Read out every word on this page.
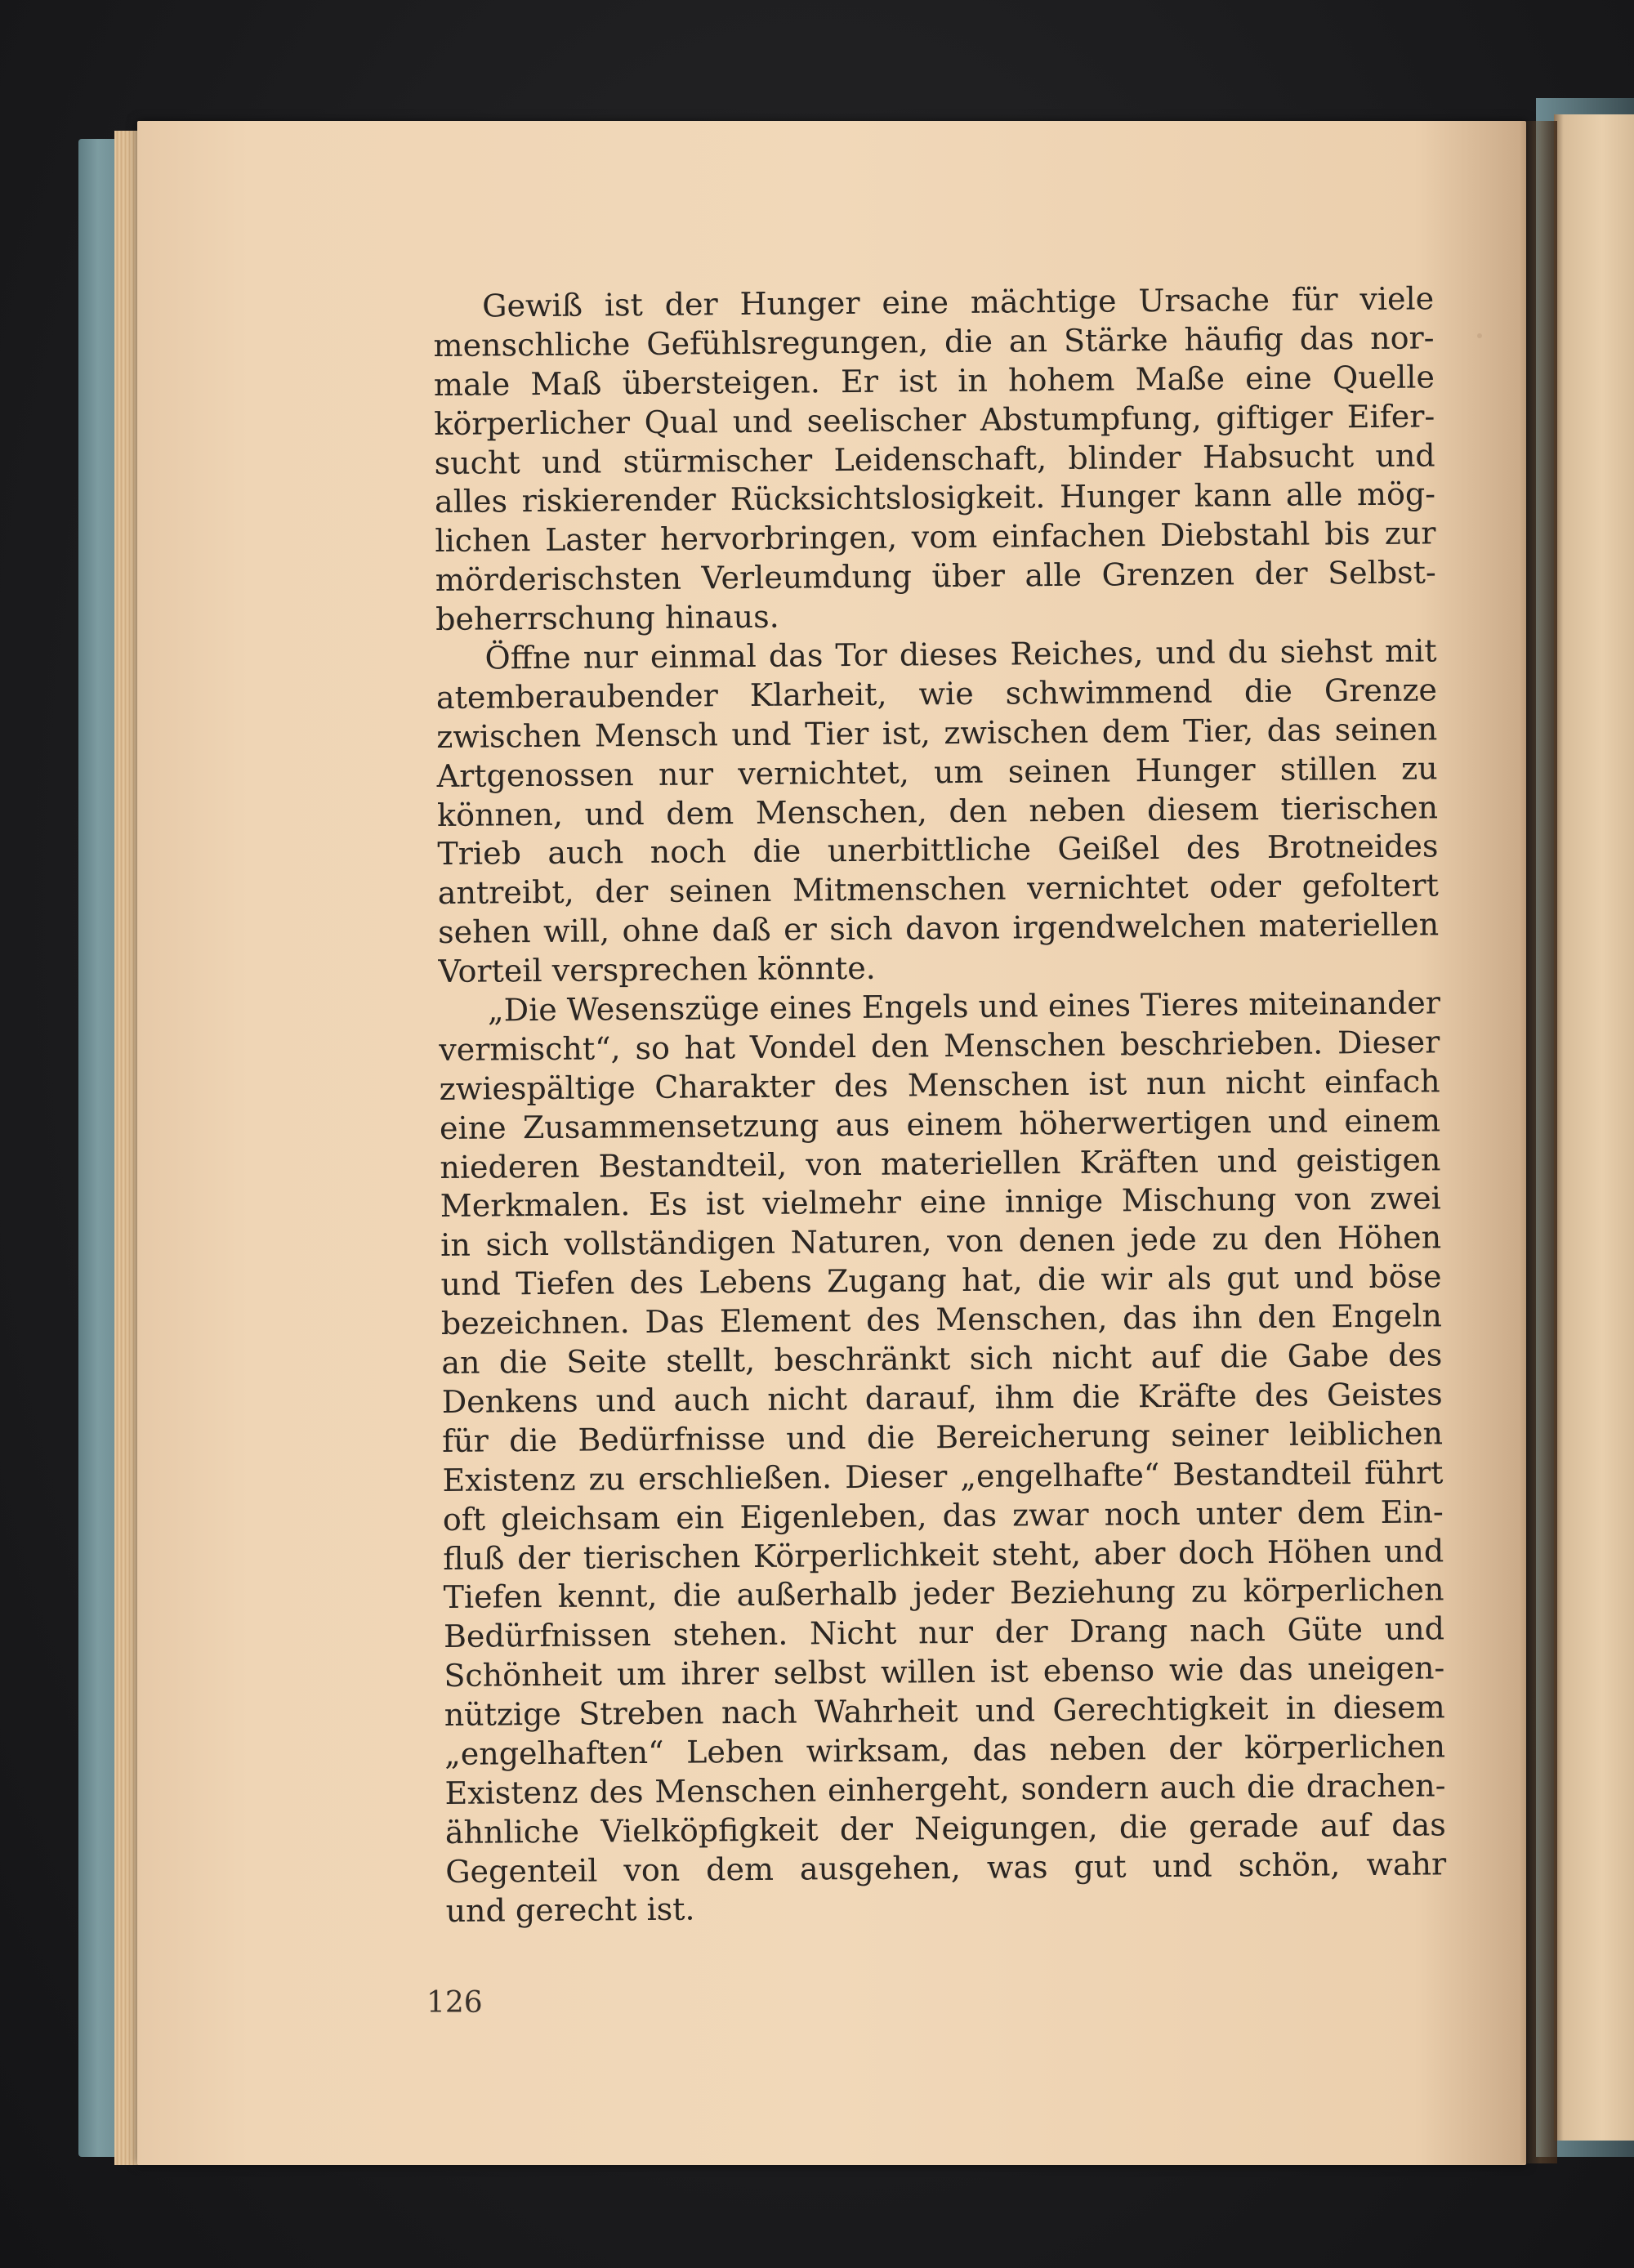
Gewiß ist der Hunger eine mächtige Ursache für viele
menschliche Gefühlsregungen, die an Stärke häufig das nor-
male Maß übersteigen. Er ist in hohem Maße eine Quelle
körperlicher Qual und seelischer Abstumpfung, giftiger Eifer-
sucht und stürmischer Leidenschaft, blinder Habsucht und
alles riskierender Rücksichtslosigkeit. Hunger kann alle mög-
lichen Laster hervorbringen, vom einfachen Diebstahl bis zur
mörderischsten Verleumdung über alle Grenzen der Selbst-
beherrschung hinaus.
Öffne nur einmal das Tor dieses Reiches, und du siehst mit
atemberaubender Klarheit, wie schwimmend die Grenze
zwischen Mensch und Tier ist, zwischen dem Tier, das seinen
Artgenossen nur vernichtet, um seinen Hunger stillen zu
können, und dem Menschen, den neben diesem tierischen
Trieb auch noch die unerbittliche Geißel des Brotneides
antreibt, der seinen Mitmenschen vernichtet oder gefoltert
sehen will, ohne daß er sich davon irgendwelchen materiellen
Vorteil versprechen könnte.
„Die Wesenszüge eines Engels und eines Tieres miteinander
vermischt“, so hat Vondel den Menschen beschrieben. Dieser
zwiespältige Charakter des Menschen ist nun nicht einfach
eine Zusammensetzung aus einem höherwertigen und einem
niederen Bestandteil, von materiellen Kräften und geistigen
Merkmalen. Es ist vielmehr eine innige Mischung von zwei
in sich vollständigen Naturen, von denen jede zu den Höhen
und Tiefen des Lebens Zugang hat, die wir als gut und böse
bezeichnen. Das Element des Menschen, das ihn den Engeln
an die Seite stellt, beschränkt sich nicht auf die Gabe des
Denkens und auch nicht darauf, ihm die Kräfte des Geistes
für die Bedürfnisse und die Bereicherung seiner leiblichen
Existenz zu erschließen. Dieser „engelhafte“ Bestandteil führt
oft gleichsam ein Eigenleben, das zwar noch unter dem Ein-
fluß der tierischen Körperlichkeit steht, aber doch Höhen und
Tiefen kennt, die außerhalb jeder Beziehung zu körperlichen
Bedürfnissen stehen. Nicht nur der Drang nach Güte und
Schönheit um ihrer selbst willen ist ebenso wie das uneigen-
nützige Streben nach Wahrheit und Gerechtigkeit in diesem
„engelhaften“ Leben wirksam, das neben der körperlichen
Existenz des Menschen einhergeht, sondern auch die drachen-
ähnliche Vielköpfigkeit der Neigungen, die gerade auf das
Gegenteil von dem ausgehen, was gut und schön, wahr
und gerecht ist.
126
